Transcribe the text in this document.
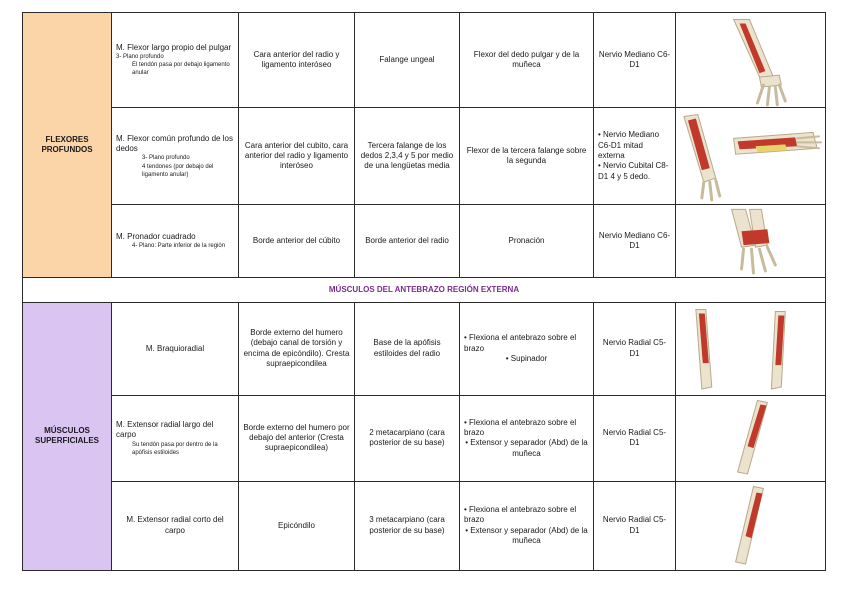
FLEXORES PROFUNDOS	M. Flexor largo propio del pulgar
3- Plano profundo
El tendón pasa por debajo ligamento anular	Cara anterior del radio y ligamento interóseo	Falange ungeal	Flexor del dedo pulgar y de la muñeca	Nervio Mediano C6-D1	

	M. Flexor común profundo de los dedos
3- Plano profundo
4 tendones (por debajo del ligamento anular)	Cara anterior del cubito, cara anterior del radio y ligamento interóseo	Tercera falange de los dedos 2,3,4 y 5 por medio de una lengüetas media	Flexor de la tercera falange sobre la segunda	• Nervio Mediano C6-D1 mitad externa
• Nervio Cubital C8-D1 4 y 5 dedo.

	M. Pronador cuadrado
4- Plano: Parte inferior de la región	Borde anterior del cúbito	Borde anterior del radio	Pronación	Nervio Mediano C6-D1	

MÚSCULOS DEL ANTEBRAZO REGIÓN EXTERNA						
MÚSCULOS SUPERFICIALES	M. Braquioradial	Borde externo del humero (debajo canal de torsión y encima de epicóndilo). Cresta supraepicondilea	Base de la apófisis estiloides del radio	• Flexiona el antebrazo sobre el brazo
• Supinador	Nervio Radial C5-D1	

	M. Extensor radial largo del carpo
Su tendón pasa por dentro de la apófisis estiloides	Borde externo del humero por debajo del anterior (Cresta supraepicondilea)	2 metacarpiano (cara posterior de su base)	• Flexiona el antebrazo sobre el brazo
• Extensor y separador (Abd) de la muñeca	Nervio Radial C5-D1	

	M. Extensor radial corto del carpo	Epicóndilo	3 metacarpiano (cara posterior de su base)	• Flexiona el antebrazo sobre el brazo
• Extensor y separador (Abd) de la muñeca	Nervio Radial C5-D1	
